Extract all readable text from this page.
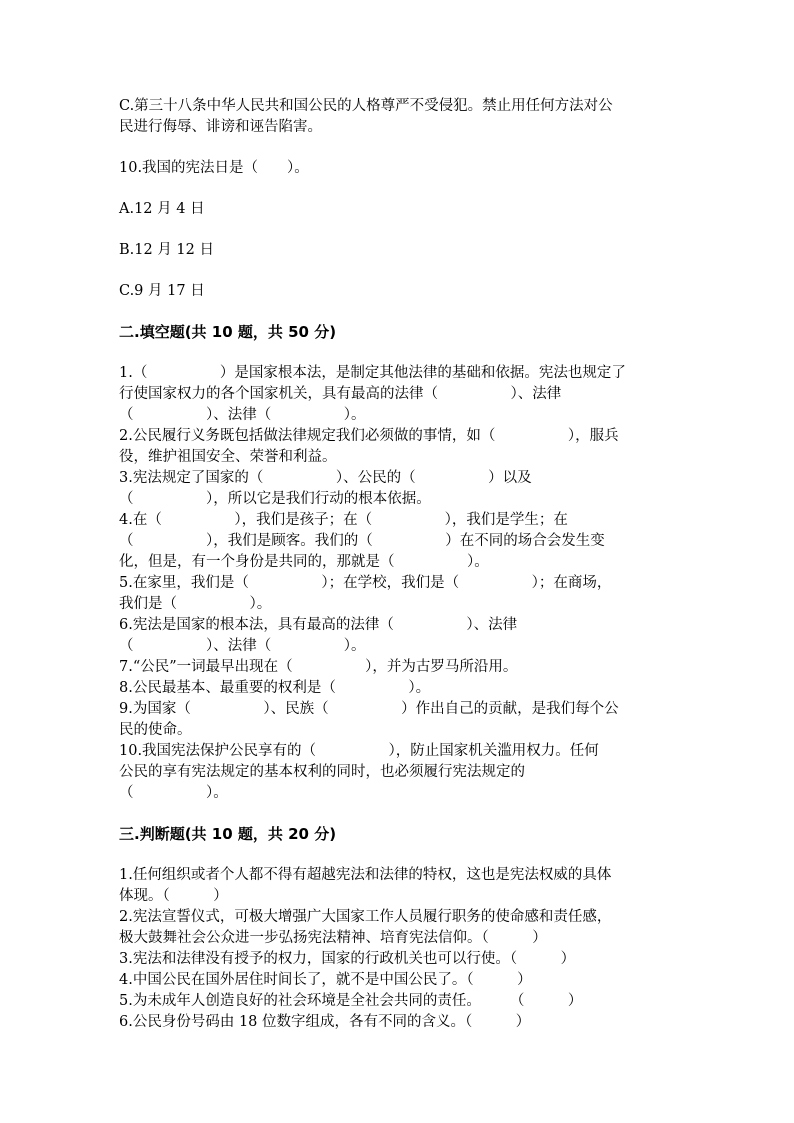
C.第三十八条中华人民共和国公民的人格尊严不受侵犯。禁止用任何方法对公

民进行侮辱、诽谤和诬告陷害。

10.我国的宪法日是（　　）。

A.12 月 4 日

B.12 月 12 日

C.9 月 17 日

二.填空题(共 10 题，共 50 分)

1.（　　　　　）是国家根本法，是制定其他法律的基础和依据。宪法也规定了

行使国家权力的各个国家机关，具有最高的法律（　　　　　）、法律

（　　　　　）、法律（　　　　　）。

2.公民履行义务既包括做法律规定我们必须做的事情，如（　　　　　），服兵

役，维护祖国安全、荣誉和利益。

3.宪法规定了国家的（　　　　　）、公民的（　　　　　）以及

（　　　　　），所以它是我们行动的根本依据。

4.在（　　　　　），我们是孩子；在（　　　　　），我们是学生；在

（　　　　　），我们是顾客。我们的（　　　　　）在不同的场合会发生变

化，但是，有一个身份是共同的，那就是（　　　　　）。

5.在家里，我们是（　　　　　）；在学校，我们是（　　　　　）；在商场，

我们是（　　　　　）。

6.宪法是国家的根本法，具有最高的法律（　　　　　）、法律

（　　　　　）、法律（　　　　　）。

7.“公民”一词最早出现在（　　　　　），并为古罗马所沿用。

8.公民最基本、最重要的权利是（　　　　　）。

9.为国家（　　　　　）、民族（　　　　　）作出自己的贡献，是我们每个公

民的使命。

10.我国宪法保护公民享有的（　　　　　），防止国家机关滥用权力。任何

公民的享有宪法规定的基本权利的同时，也必须履行宪法规定的

（　　　　　）。

三.判断题(共 10 题，共 20 分)

1.任何组织或者个人都不得有超越宪法和法律的特权，这也是宪法权威的具体

体现。（　　　）

2.宪法宣誓仪式，可极大增强广大国家工作人员履行职务的使命感和责任感，

极大鼓舞社会公众进一步弘扬宪法精神、培育宪法信仰。（　　　）

3.宪法和法律没有授予的权力，国家的行政机关也可以行使。（　　　）

4.中国公民在国外居住时间长了，就不是中国公民了。（　　　）

5.为未成年人创造良好的社会环境是全社会共同的责任。　　　（　　　）

6.公民身份号码由 18 位数字组成，各有不同的含义。（　　　）
